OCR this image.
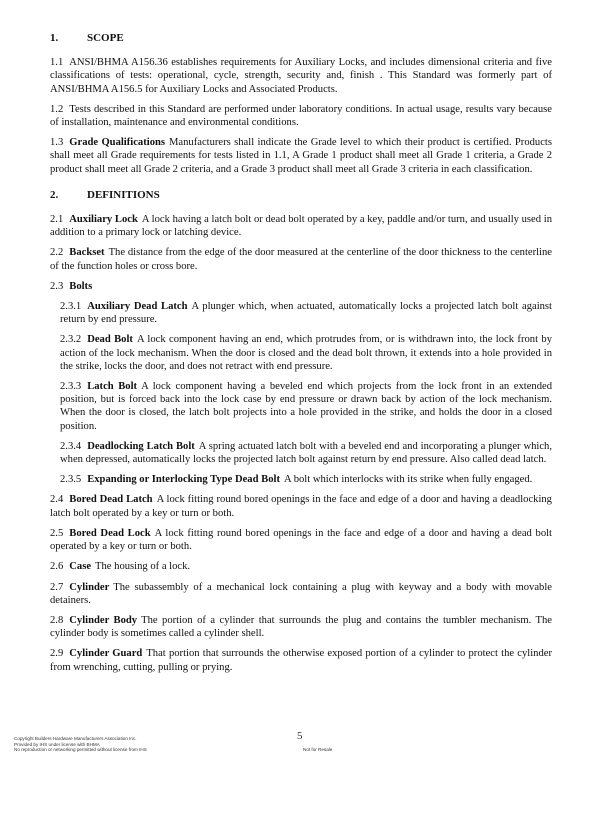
1.	SCOPE

1.1 ANSI/BHMA A156.36 establishes requirements for Auxiliary Locks, and includes dimensional criteria and five classifications of tests: operational, cycle, strength, security and, finish . This Standard was formerly part of ANSI/BHMA A156.5 for Auxiliary Locks and Associated Products.

1.2 Tests described in this Standard are performed under laboratory conditions. In actual usage, results vary because of installation, maintenance and environmental conditions.

1.3 Grade Qualifications Manufacturers shall indicate the Grade level to which their product is certified. Products shall meet all Grade requirements for tests listed in 1.1, A Grade 1 product shall meet all Grade 1 criteria, a Grade 2 product shall meet all Grade 2 criteria, and a Grade 3 product shall meet all Grade 3 criteria in each classification.

2.	DEFINITIONS

2.1 Auxiliary Lock A lock having a latch bolt or dead bolt operated by a key, paddle and/or turn, and usually used in addition to a primary lock or latching device.

2.2 Backset The distance from the edge of the door measured at the centerline of the door thickness to the centerline of the function holes or cross bore.

2.3 Bolts

2.3.1 Auxiliary Dead Latch A plunger which, when actuated, automatically locks a projected latch bolt against return by end pressure.

2.3.2 Dead Bolt A lock component having an end, which protrudes from, or is withdrawn into, the lock front by action of the lock mechanism. When the door is closed and the dead bolt thrown, it extends into a hole provided in the strike, locks the door, and does not retract with end pressure.

2.3.3 Latch Bolt A lock component having a beveled end which projects from the lock front in an extended position, but is forced back into the lock case by end pressure or drawn back by action of the lock mechanism. When the door is closed, the latch bolt projects into a hole provided in the strike, and holds the door in a closed position.

2.3.4 Deadlocking Latch Bolt A spring actuated latch bolt with a beveled end and incorporating a plunger which, when depressed, automatically locks the projected latch bolt against return by end pressure. Also called dead latch.

2.3.5 Expanding or Interlocking Type Dead Bolt A bolt which interlocks with its strike when fully engaged.

2.4 Bored Dead Latch A lock fitting round bored openings in the face and edge of a door and having a deadlocking latch bolt operated by a key or turn or both.

2.5 Bored Dead Lock A lock fitting round bored openings in the face and edge of a door and having a dead bolt operated by a key or turn or both.

2.6 Case The housing of a lock.

2.7 Cylinder The subassembly of a mechanical lock containing a plug with keyway and a body with movable detainers.

2.8 Cylinder Body The portion of a cylinder that surrounds the plug and contains the tumbler mechanism. The cylinder body is sometimes called a cylinder shell.

2.9 Cylinder Guard That portion that surrounds the otherwise exposed portion of a cylinder to protect the cylinder from wrenching, cutting, pulling or prying.

Copyright Builders Hardware Manufacturers Association Inc.
Provided by IHS under license with BHMA
No reproduction or networking permitted without license from IHS
5
Not for Resale
